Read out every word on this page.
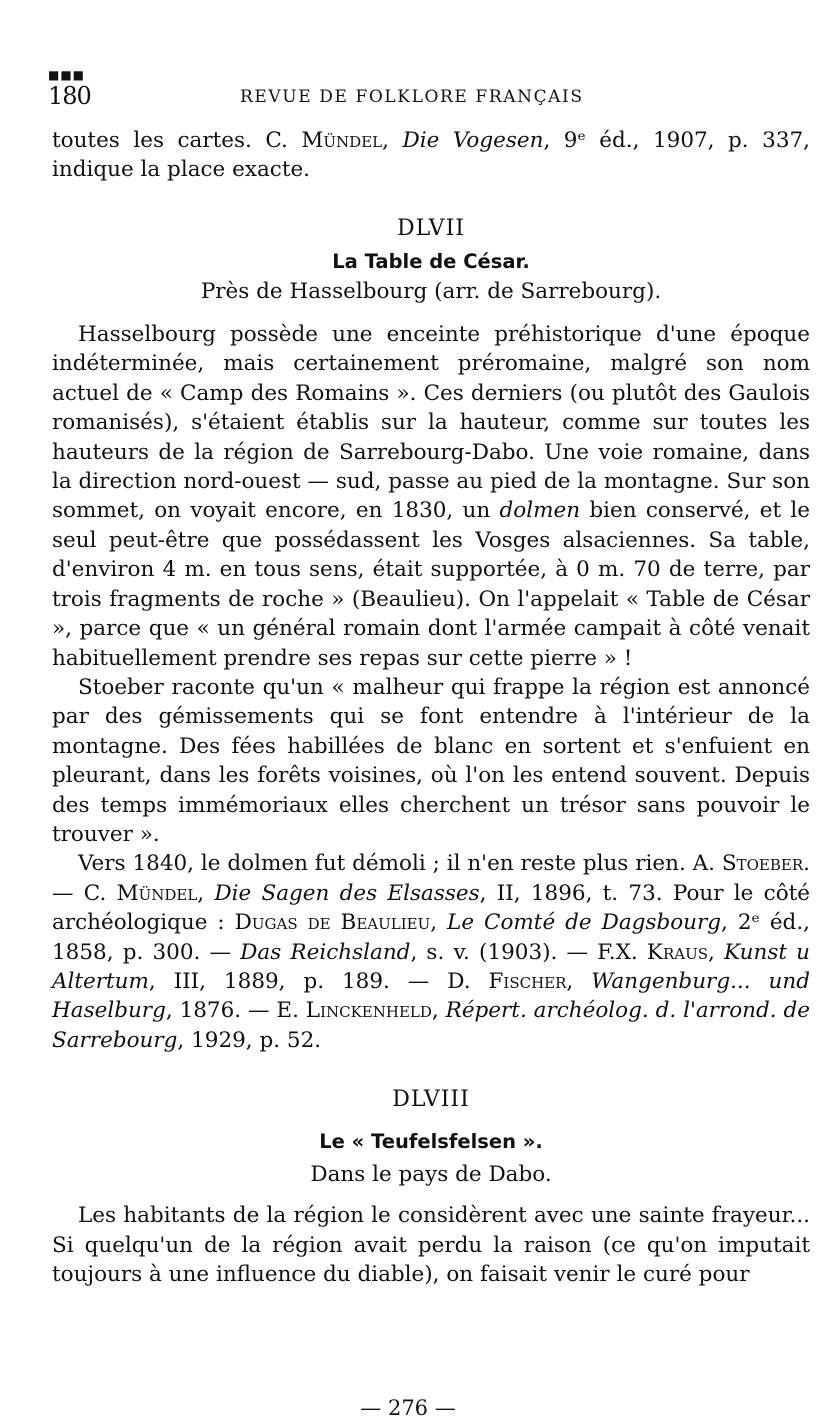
■■■
180	REVUE DE FOLKLORE FRANÇAIS

toutes les cartes. C. Mündel, Die Vogesen, 9ᵉ éd., 1907, p. 337, indique la place exacte.

DLVII
La Table de César.
Près de Hasselbourg (arr. de Sarrebourg).

Hasselbourg possède une enceinte préhistorique d'une époque indéterminée, mais certainement préromaine, malgré son nom actuel de « Camp des Romains ». Ces derniers (ou plutôt des Gaulois romanisés), s'étaient établis sur la hauteur, comme sur toutes les hauteurs de la région de Sarrebourg-Dabo. Une voie romaine, dans la direction nord-ouest — sud, passe au pied de la montagne. Sur son sommet, on voyait encore, en 1830, un dolmen bien conservé, et le seul peut-être que possédassent les Vosges alsaciennes. Sa table, d'environ 4 m. en tous sens, était supportée, à 0 m. 70 de terre, par trois fragments de roche » (Beaulieu). On l'appelait « Table de César », parce que « un général romain dont l'armée campait à côté venait habituellement prendre ses repas sur cette pierre » !

Stoeber raconte qu'un « malheur qui frappe la région est annoncé par des gémissements qui se font entendre à l'intérieur de la montagne. Des fées habillées de blanc en sortent et s'enfuient en pleurant, dans les forêts voisines, où l'on les entend souvent. Depuis des temps immémoriaux elles cherchent un trésor sans pouvoir le trouver ».

Vers 1840, le dolmen fut démoli ; il n'en reste plus rien. A. Stoeber. — C. Mündel, Die Sagen des Elsasses, II, 1896, t. 73. Pour le côté archéologique : Dugas de Beaulieu, Le Comté de Dagsbourg, 2ᵉ éd., 1858, p. 300. — Das Reichsland, s. v. (1903). — F.X. Kraus, Kunst u Altertum, III, 1889, p. 189. — D. Fischer, Wangenburg... und Haselburg, 1876. — E. Linckenheld, Répert. archéolog. d. l'arrond. de Sarrebourg, 1929, p. 52.

DLVIII
Le « Teufelsfelsen ».
Dans le pays de Dabo.

Les habitants de la région le considèrent avec une sainte frayeur... Si quelqu'un de la région avait perdu la raison (ce qu'on imputait toujours à une influence du diable), on faisait venir le curé pour

— 276 —
